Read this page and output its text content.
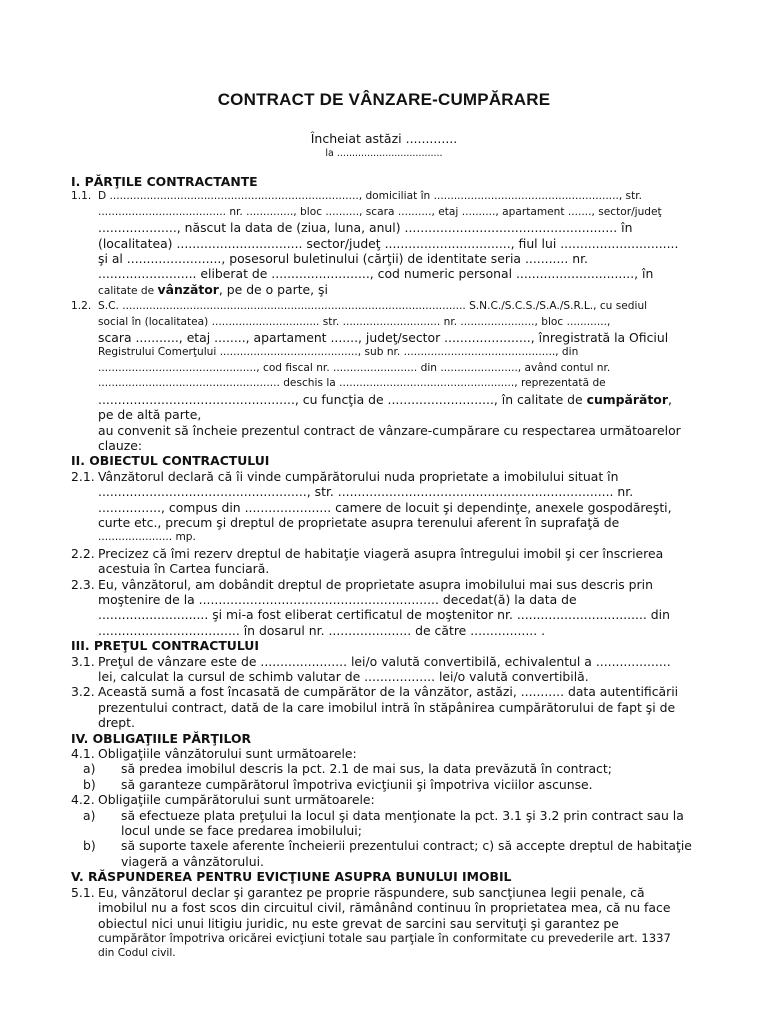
CONTRACT DE VÂNZARE-CUMPĂRARE
Încheiat astăzi .............
la ...................................
I. PĂRŢILE CONTRACTANTE
1.1. D .........................................................................., domiciliat în ......................................................., str.
...................................... nr. .............., bloc .........., scara .........., etaj .........., apartament ......., sector/judeţ
...................., născut la data de (ziua, luna, anul) ...................................................... în
(localitatea) ................................ sector/judeţ ................................, fiul lui ..............................
şi al ........................, posesorul buletinului (cărţii) de identitate seria ........... nr.
......................... eliberat de ........................., cod numeric personal .............................., în
calitate de vânzător, pe de o parte, şi
1.2. S.C. ...................................................................................................... S.N.C./S.C.S./S.A./S.R.L., cu sediul
social în (localitatea) ................................ str. ............................. nr. ......................, bloc ............,
scara ..........., etaj ........, apartament ......., judeţ/sector ......................, înregistrată la Oficiul
Registrului Comerţului ........................................., sub nr. ............................................., din
..............................................., cod fiscal nr. ......................... din ......................., având contul nr.
...................................................... deschis la ...................................................., reprezentată de
.................................................., cu funcţia de ..........................., în calitate de cumpărător,
pe de altă parte,
au convenit să încheie prezentul contract de vânzare-cumpărare cu respectarea următoarelor
clauze:
II. OBIECTUL CONTRACTULUI
2.1. Vânzătorul declară că îi vinde cumpărătorului nuda proprietate a imobilului situat în
....................................................., str. ...................................................................... nr.
................, compus din ...................... camere de locuit şi dependinţe, anexele gospodăreşti,
curte etc., precum şi dreptul de proprietate asupra terenului aferent în suprafaţă de
...................... mp.
2.2. Precizez că îmi rezerv dreptul de habitaţie viageră asupra întregului imobil şi cer înscrierea
acestuia în Cartea funciară.
2.3. Eu, vânzătorul, am dobândit dreptul de proprietate asupra imobilului mai sus descris prin
moştenire de la ............................................................. decedat(ă) la data de
............................ şi mi-a fost eliberat certificatul de moştenitor nr. ................................. din
.................................... în dosarul nr. ..................... de către ................. .
III. PREŢUL CONTRACTULUI
3.1. Preţul de vânzare este de ...................... lei/o valută convertibilă, echivalentul a ...................
lei, calculat la cursul de schimb valutar de .................. lei/o valută convertibilă.
3.2. Această sumă a fost încasată de cumpărător de la vânzător, astăzi, ........... data autentificării
prezentului contract, dată de la care imobilul intră în stăpânirea cumpărătorului de fapt şi de
drept.
IV. OBLIGAŢIILE PĂRŢILOR
4.1. Obligaţiile vânzătorului sunt următoarele:
a)	să predea imobilul descris la pct. 2.1 de mai sus, la data prevăzută în contract;
b)	să garanteze cumpărătorul împotriva evicţiunii şi împotriva viciilor ascunse.
4.2. Obligaţiile cumpărătorului sunt următoarele:
a)	să efectueze plata preţului la locul şi data menţionate la pct. 3.1 şi 3.2 prin contract sau la
locul unde se face predarea imobilului;
b)	să suporte taxele aferente încheierii prezentului contract; c) să accepte dreptul de habitaţie
viageră a vânzătorului.
V. RĂSPUNDEREA PENTRU EVICŢIUNE ASUPRA BUNULUI IMOBIL
5.1. Eu, vânzătorul declar şi garantez pe proprie răspundere, sub sancţiunea legii penale, că
imobilul nu a fost scos din circuitul civil, rămânând continuu în proprietatea mea, că nu face
obiectul nici unui litigiu juridic, nu este grevat de sarcini sau servituţi şi garantez pe
cumpărător împotriva oricărei evicţiuni totale sau parţiale în conformitate cu prevederile art. 1337
din Codul civil.
